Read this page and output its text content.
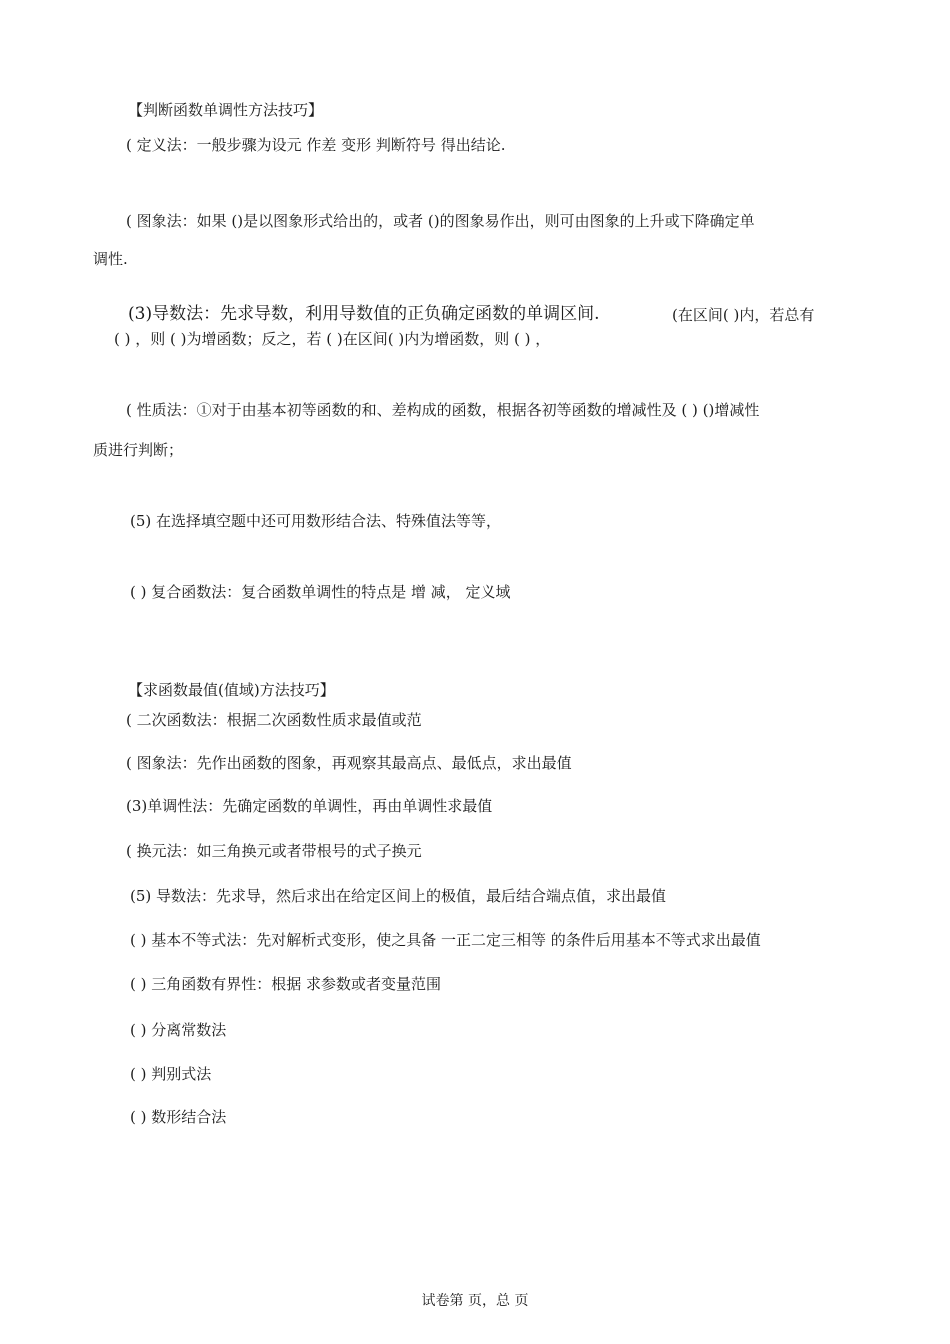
【判断函数单调性方法技巧】
( 定义法：一般步骤为设元 作差 变形 判断符号 得出结论.
( 图象法：如果 ()是以图象形式给出的，或者 ()的图象易作出，则可由图象的上升或下降确定单
调性.
(3)导数法：先求导数，利用导数值的正负确定函数的单调区间.	(在区间( )内，若总有
( ) ，则 ( )为增函数；反之，若 ( )在区间( )内为增函数，则 ( ) ，
( 性质法：①对于由基本初等函数的和、差构成的函数，根据各初等函数的增减性及 ( ) ()增减性
质进行判断；
(5) 在选择填空题中还可用数形结合法、特殊值法等等，
( ) 复合函数法：复合函数单调性的特点是 增 减， 定义域
【求函数最值(值域)方法技巧】
( 二次函数法：根据二次函数性质求最值或范
( 图象法：先作出函数的图象，再观察其最高点、最低点，求出最值
(3)单调性法：先确定函数的单调性，再由单调性求最值
( 换元法：如三角换元或者带根号的式子换元
(5) 导数法：先求导，然后求出在给定区间上的极值，最后结合端点值，求出最值
( ) 基本不等式法：先对解析式变形，使之具备 一正二定三相等 的条件后用基本不等式求出最值
( ) 三角函数有界性：根据 求参数或者变量范围
( ) 分离常数法
( ) 判别式法
( ) 数形结合法
试卷第 页，总 页
